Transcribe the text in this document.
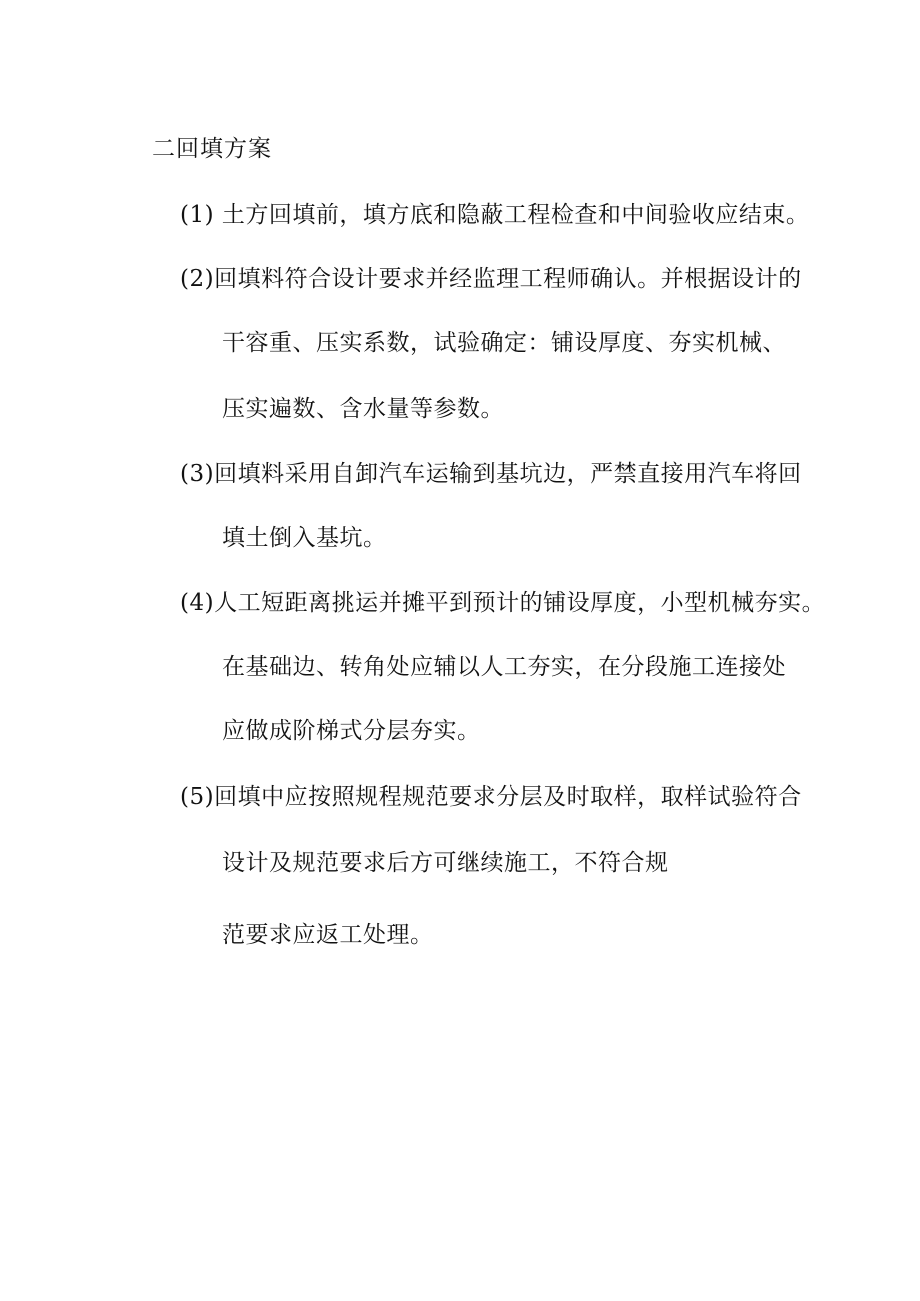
二回填方案
(1) 土方回填前，填方底和隐蔽工程检查和中间验收应结束。
(2)回填料符合设计要求并经监理工程师确认。并根据设计的
干容重、压实系数，试验确定：铺设厚度、夯实机械、
压实遍数、含水量等参数。
(3)回填料采用自卸汽车运输到基坑边，严禁直接用汽车将回
填土倒入基坑。
(4)人工短距离挑运并摊平到预计的铺设厚度，小型机械夯实。
在基础边、转角处应辅以人工夯实，在分段施工连接处
应做成阶梯式分层夯实。
(5)回填中应按照规程规范要求分层及时取样，取样试验符合
设计及规范要求后方可继续施工，不符合规
范要求应返工处理。
